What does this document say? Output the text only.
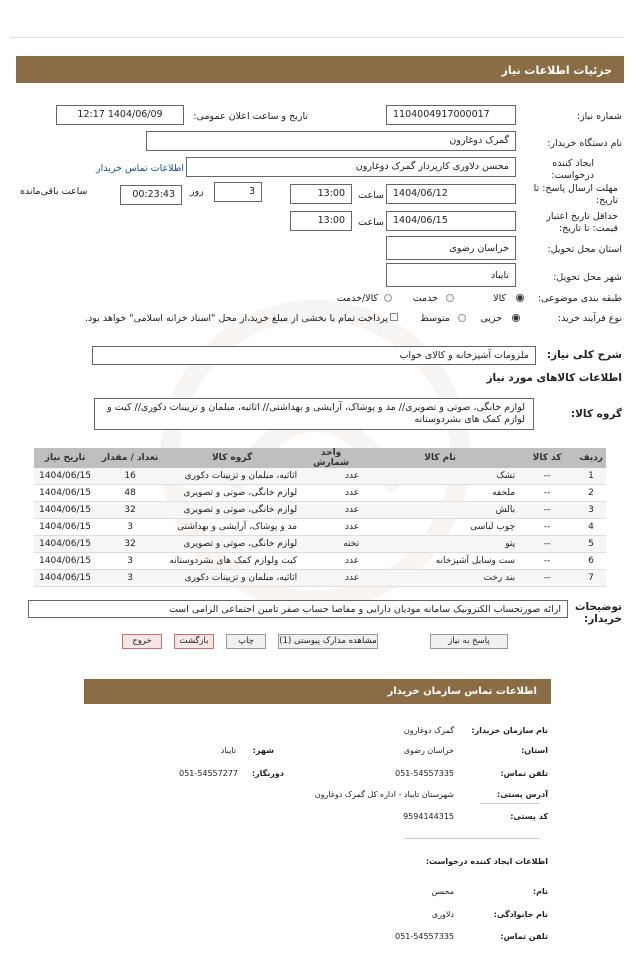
جزئیات اطلاعات نیاز
شماره نیاز:
1104004917000017
تاریخ و ساعت اعلان عمومی:
1404/06/09 12:17
نام دستگاه خریدار:
گمرک دوغارون
ایجاد کننده درخواست:
محسن دلاوری کارپرداز گمرک دوغارون
اطلاعات تماس خریدار
مهلت ارسال پاسخ: تا تاریخ:
1404/06/12
ساعت
13:00
3
روز
00:23:43
ساعت باقی‌مانده
حداقل تاریخ اعتبار قیمت: تا تاریخ:
1404/06/15
ساعت
13:00
استان محل تحویل:
خراسان رضوی
شهر محل تحویل:
تایباد
طبقه بندی موضوعی:
کالا
خدمت
کالا/خدمت
نوع فرآیند خرید:
جزیی
متوسط
پرداخت تمام یا بخشی از مبلغ خرید،از محل "اسناد خزانه اسلامی" خواهد بود.
شرح کلی نیاز:
ملزومات آشپزخانه و کالای خواب
اطلاعات کالاهای مورد نیاز
گروه کالا:
لوازم خانگی، صوتی و تصویری// مد و پوشاک، آرایشی و بهداشتی// اثاثیه، مبلمان و تزیینات دکوری// کیت و لوازم کمک های بشردوستانه
ردیف	کد کالا	نام کالا	واحد شمارش	گروه کالا	تعداد / مقدار	تاریخ نیاز
1	--	تشک	عدد	اثاثیه، مبلمان و تزیینات دکوری	16	1404/06/15
2	--	ملحفه	عدد	لوازم خانگی، صوتی و تصویری	48	1404/06/15
3	--	بالش	عدد	لوازم خانگی، صوتی و تصویری	32	1404/06/15
4	--	چوب لباسی	عدد	مد و پوشاک، آرایشی و بهداشتی	3	1404/06/15
5	--	پتو	تخته	لوازم خانگی، صوتی و تصویری	32	1404/06/15
6	--	ست وسایل آشپزخانه	عدد	کیت ولوازم کمک های بشردوستانه	3	1404/06/15
7	--	بند رخت	عدد	اثاثیه، مبلمان و تزیینات دکوری	3	1404/06/15
توضیحات خریدار:
ارائه صورتحساب الکترونیک سامانه مودیان دارایی و مفاصا حساب صفر تامین اجتماعی الزامی است
پاسخ به نیاز
مشاهده مدارک پیوستی (1)
چاپ
بازگشت
خروج
اطلاعات تماس سازمان خریدار
نام سازمان خریدار:
گمرک دوغارون
استان:
خراسان رضوی
شهر:
تایباد
تلفن تماس:
051-54557335
دورنگار:
051-54557277
آدرس پستی:
شهرستان تایباد - اداره کل گمرک دوغارون
کد پستی:
9594144315
اطلاعات ایجاد کننده درخواست:
نام:
محسن
نام خانوادگی:
دلاوری
تلفن تماس:
051-54557335
